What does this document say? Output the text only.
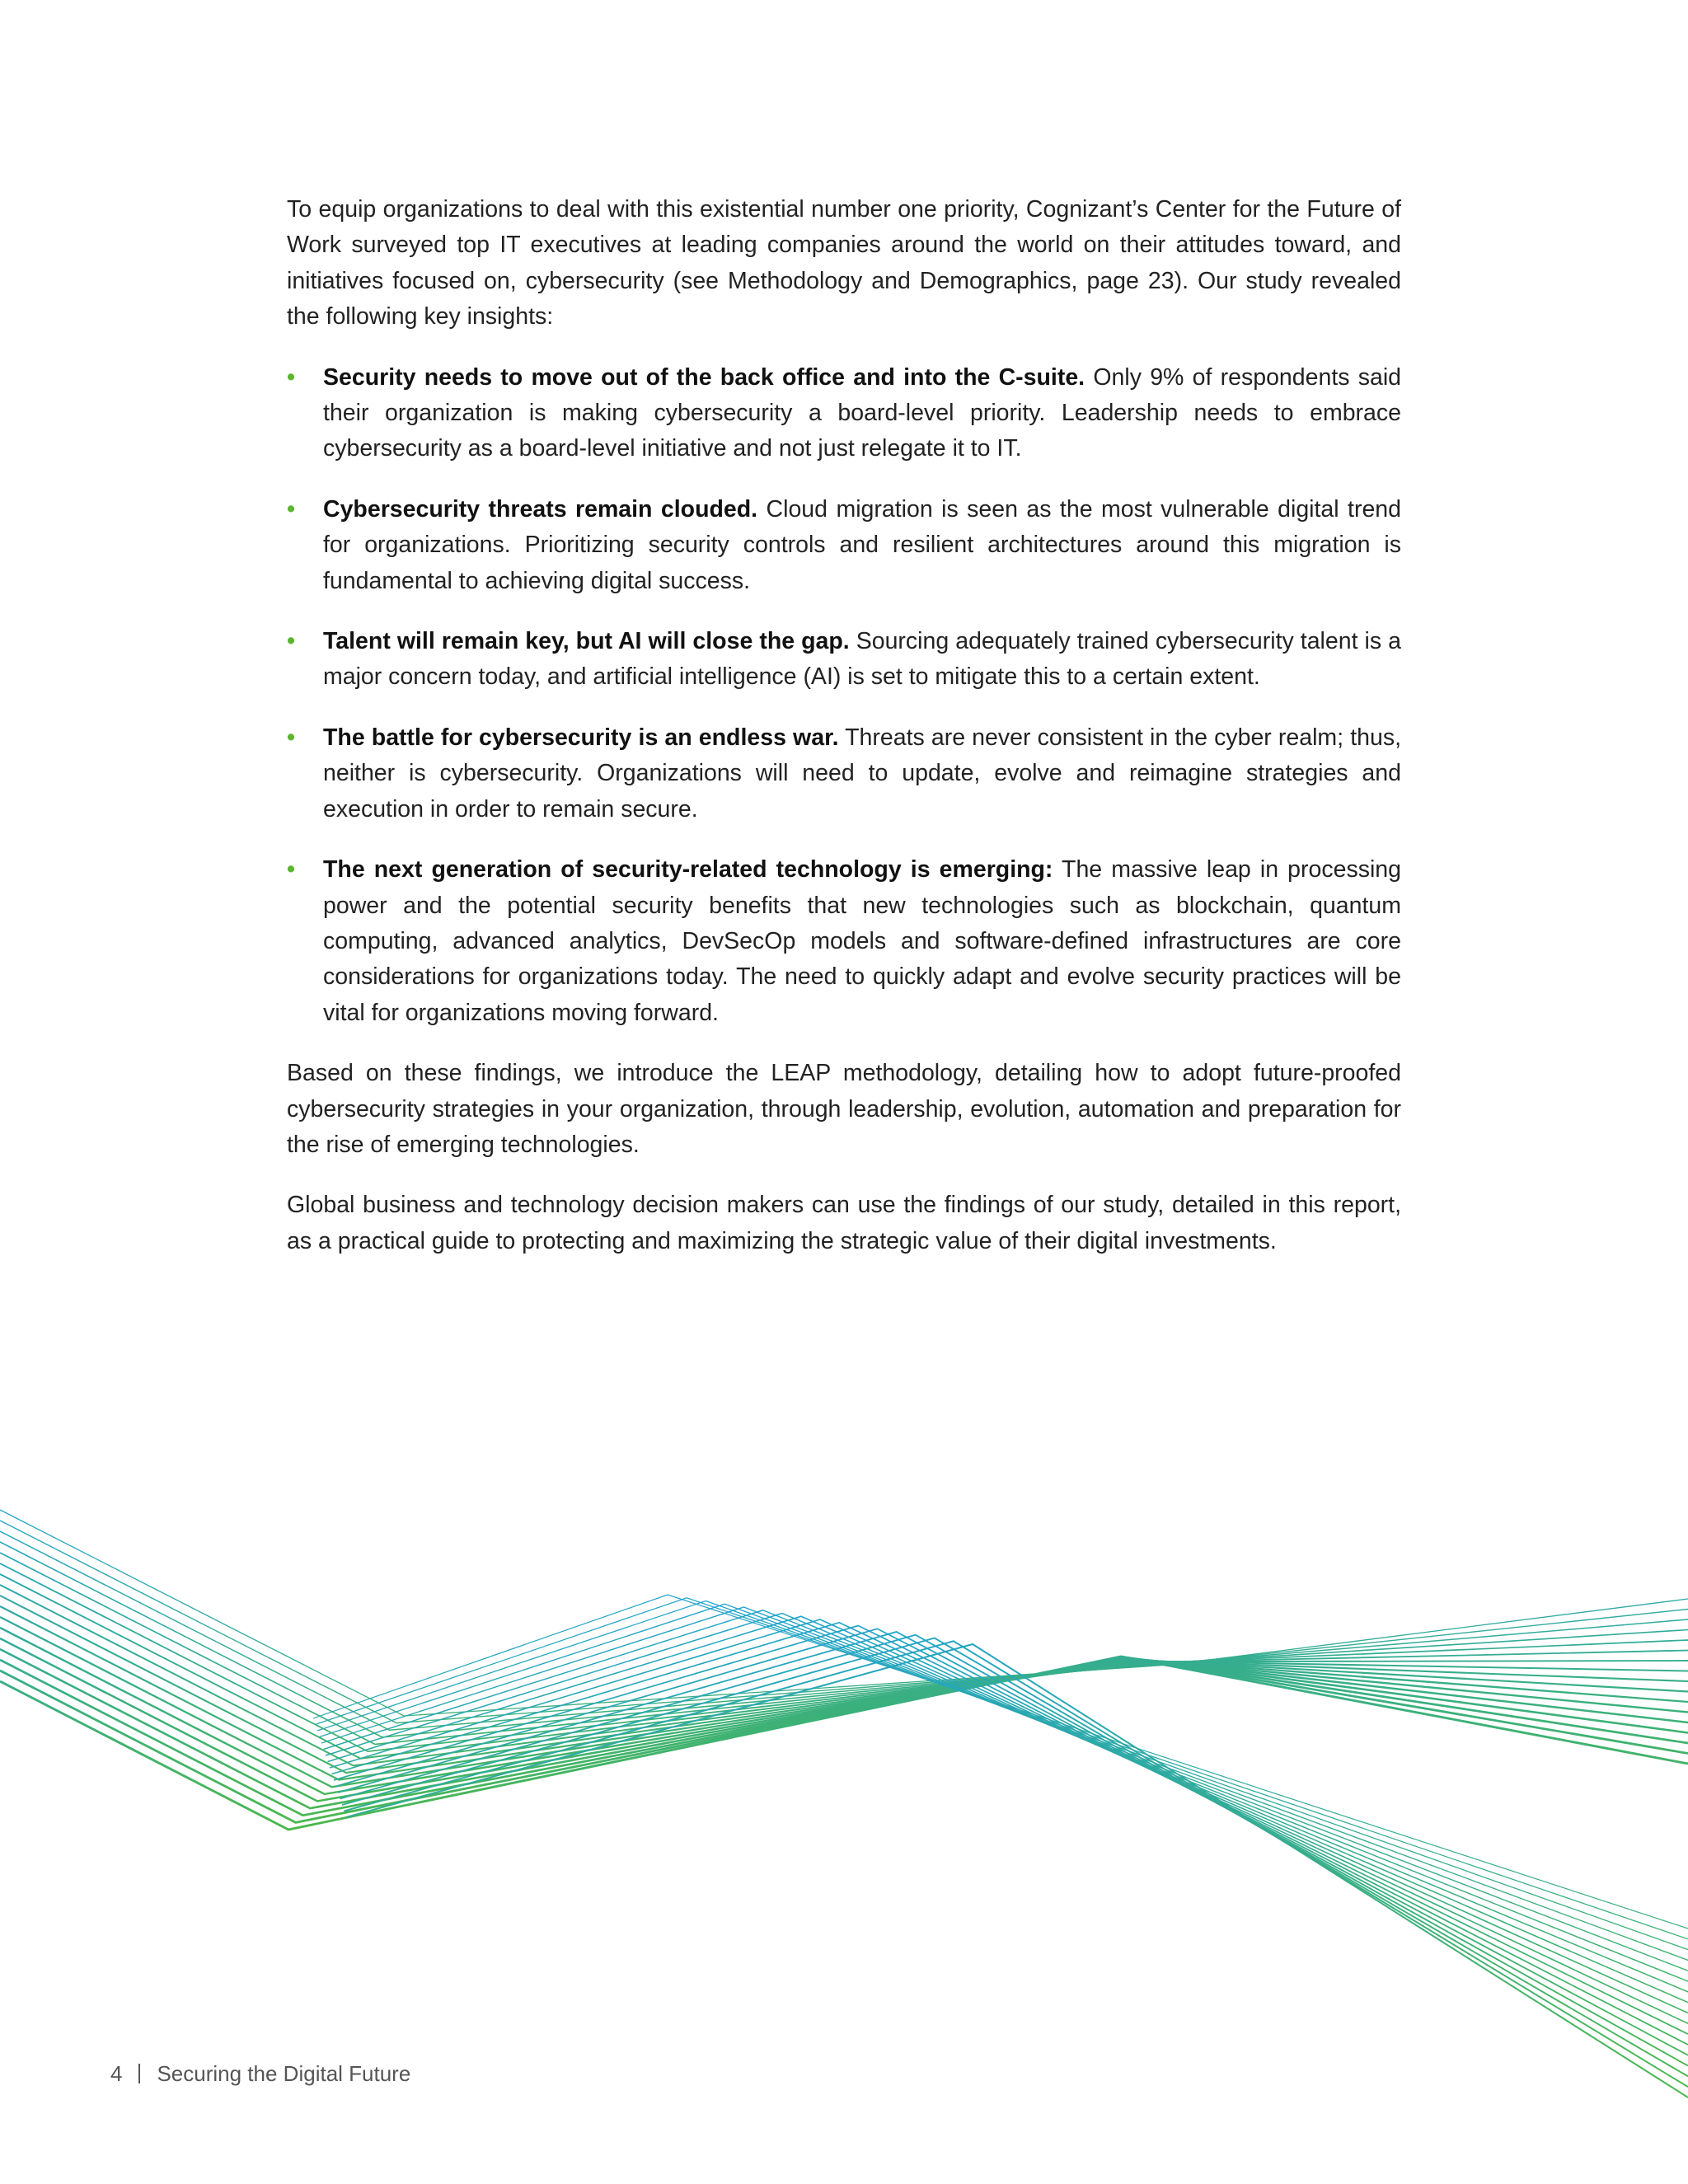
To equip organizations to deal with this existential number one priority, Cognizant’s Center for the Future of Work surveyed top IT executives at leading companies around the world on their attitudes toward, and initiatives focused on, cybersecurity (see Methodology and Demographics, page 23). Our study revealed the following key insights:

• Security needs to move out of the back office and into the C-suite. Only 9% of respondents said their organization is making cybersecurity a board-level priority. Leadership needs to embrace cybersecurity as a board-level initiative and not just relegate it to IT.
• Cybersecurity threats remain clouded. Cloud migration is seen as the most vulnerable digital trend for organizations. Prioritizing security controls and resilient architectures around this migration is fundamental to achieving digital success.
• Talent will remain key, but AI will close the gap. Sourcing adequately trained cybersecurity talent is a major concern today, and artificial intelligence (AI) is set to mitigate this to a certain extent.
• The battle for cybersecurity is an endless war. Threats are never consistent in the cyber realm; thus, neither is cybersecurity. Organizations will need to update, evolve and reimagine strategies and execution in order to remain secure.
• The next generation of security-related technology is emerging: The massive leap in processing power and the potential security benefits that new technologies such as blockchain, quantum computing, advanced analytics, DevSecOp models and software-defined infrastructures are core considerations for organizations today. The need to quickly adapt and evolve security practices will be vital for organizations moving forward.

Based on these findings, we introduce the LEAP methodology, detailing how to adopt future-proofed cybersecurity strategies in your organization, through leadership, evolution, automation and preparation for the rise of emerging technologies.

Global business and technology decision makers can use the findings of our study, detailed in this report, as a practical guide to protecting and maximizing the strategic value of their digital investments.

4 Securing the Digital Future
